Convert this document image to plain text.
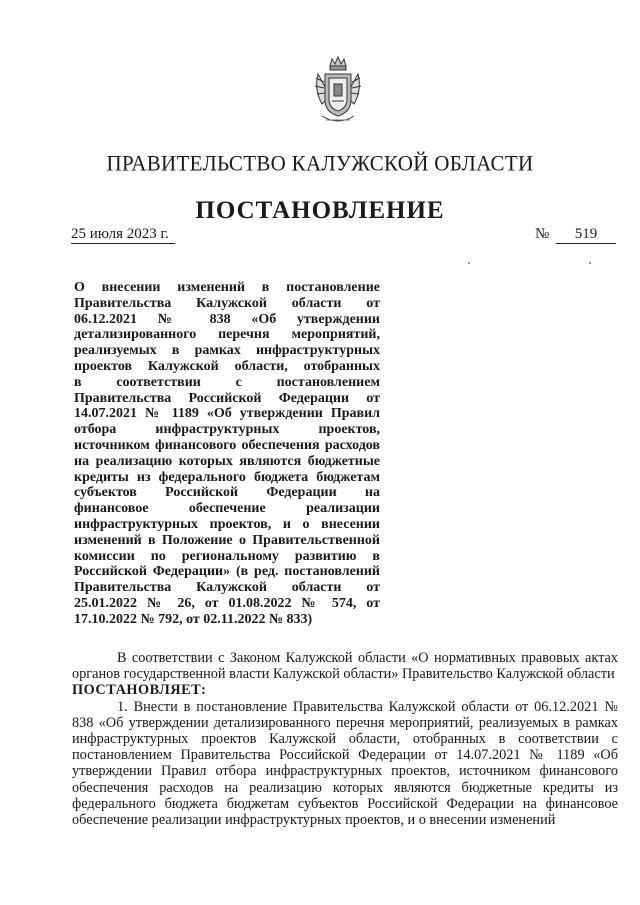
ПРАВИТЕЛЬСТВО КАЛУЖСКОЙ ОБЛАСТИ
ПОСТАНОВЛЕНИЕ
25 июля 2023 г.	№	519
О внесении изменений в постановление
Правительства Калужской области от
06.12.2021 № 838 «Об утверждении
детализированного перечня мероприятий,
реализуемых в рамках инфраструктурных
проектов Калужской области, отобранных
в соответствии с постановлением
Правительства Российской Федерации от
14.07.2021 № 1189 «Об утверждении Правил
отбора инфраструктурных проектов,
источником финансового обеспечения расходов
на реализацию которых являются бюджетные
кредиты из федерального бюджета бюджетам
субъектов Российской Федерации на
финансовое обеспечение реализации
инфраструктурных проектов, и о внесении
изменений в Положение о Правительственной
комиссии по региональному развитию в
Российской Федерации» (в ред. постановлений
Правительства Калужской области от
25.01.2022 № 26, от 01.08.2022 № 574, от
17.10.2022 № 792, от 02.11.2022 № 833)

В соответствии с Законом Калужской области «О нормативных правовых актах органов государственной власти Калужской области» Правительство Калужской области

ПОСТАНОВЛЯЕТ:

1. Внести в постановление Правительства Калужской области от 06.12.2021 № 838 «Об утверждении детализированного перечня мероприятий, реализуемых в рамках инфраструктурных проектов Калужской области, отобранных в соответствии с постановлением Правительства Российской Федерации от 14.07.2021 № 1189 «Об утверждении Правил отбора инфраструктурных проектов, источником финансового обеспечения расходов на реализацию которых являются бюджетные кредиты из федерального бюджета бюджетам субъектов Российской Федерации на финансовое обеспечение реализации инфраструктурных проектов, и о внесении изменений
